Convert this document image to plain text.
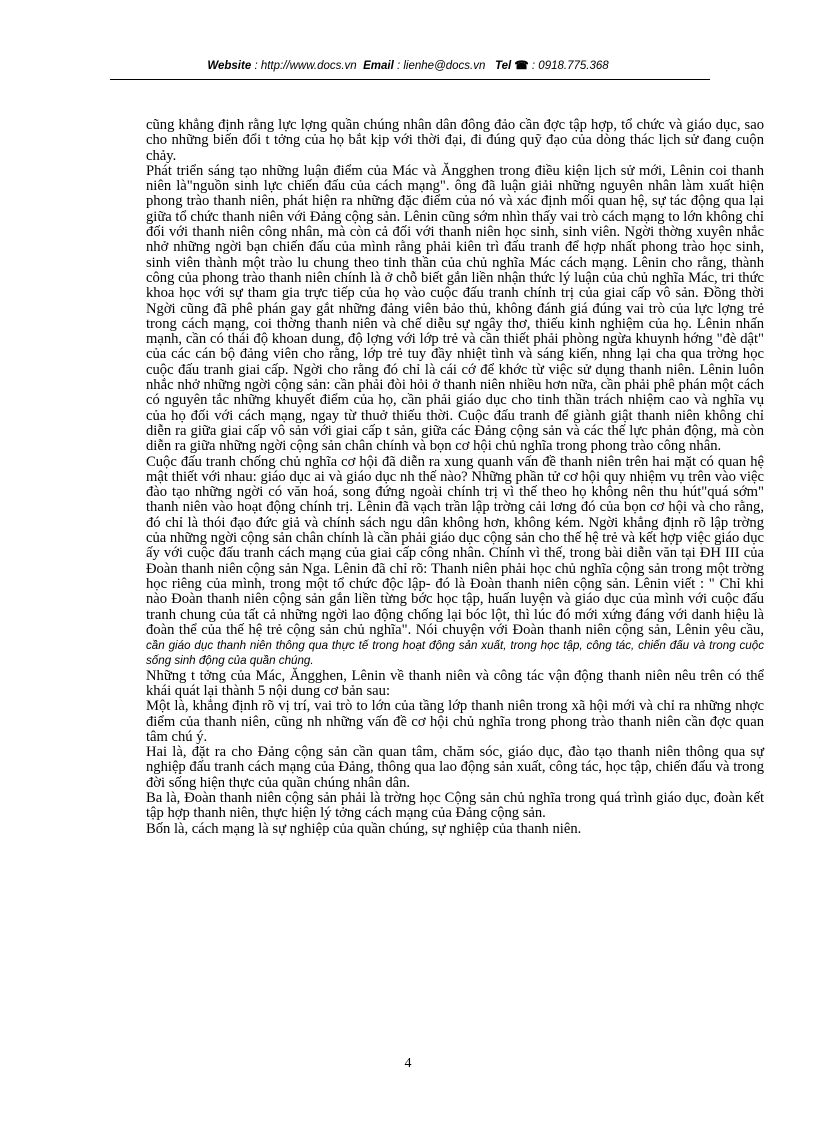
Website : http://www.docs.vn Email : lienhe@docs.vn Tel ☎ : 0918.775.368

cũng khẳng định rằng lực lợng quần chúng nhân dân đông đảo cần đợc tập hợp, tổ chức và giáo dục, sao cho những biến đổi t tởng của họ bắt kịp với thời đại, đi đúng quỹ đạo của dòng thác lịch sử đang cuộn chảy.

Phát triển sáng tạo những luận điểm của Mác và Ăngghen trong điều kiện lịch sử mới, Lênin coi thanh niên là"nguồn sinh lực chiến đấu của cách mạng". ông đã luận giải những nguyên nhân làm xuất hiện phong trào thanh niên, phát hiện ra những đặc điểm của nó và xác định mối quan hệ, sự tác động qua lại giữa tổ chức thanh niên với Đảng cộng sản. Lênin cũng sớm nhìn thấy vai trò cách mạng to lớn không chỉ đối với thanh niên công nhân, mà còn cả đối với thanh niên học sinh, sinh viên. Ngời thờng xuyên nhắc nhở những ngời bạn chiến đấu của mình rằng phải kiên trì đấu tranh để hợp nhất phong trào học sinh, sinh viên thành một trào lu chung theo tinh thần của chủ nghĩa Mác cách mạng. Lênin cho rằng, thành công của phong trào thanh niên chính là ở chỗ biết gắn liền nhận thức lý luận của chủ nghĩa Mác, tri thức khoa học với sự tham gia trực tiếp của họ vào cuộc đấu tranh chính trị của giai cấp vô sản. Đồng thời Ngời cũng đã phê phán gay gắt những đảng viên bảo thủ, không đánh giá đúng vai trò của lực lợng trẻ trong cách mạng, coi thờng thanh niên và chế diễu sự ngây thơ, thiếu kinh nghiệm của họ. Lênin nhấn mạnh, cần có thái độ khoan dung, độ lợng với lớp trẻ và cần thiết phải phòng ngừa khuynh hớng "đè dật" của các cán bộ đảng viên cho rằng, lớp trẻ tuy đầy nhiệt tình và sáng kiến, nhng lại cha qua trờng học cuộc đấu tranh giai cấp. Ngời cho rằng đó chỉ là cái cớ để khớc từ việc sử dụng thanh niên. Lênin luôn nhắc nhở những ngời cộng sản: cần phải đòi hỏi ở thanh niên nhiều hơn nữa, cần phải phê phán một cách có nguyên tắc những khuyết điểm của họ, cần phải giáo dục cho tinh thần trách nhiệm cao và nghĩa vụ của họ đối với cách mạng, ngay từ thuở thiếu thời. Cuộc đấu tranh để giành giật thanh niên không chỉ diễn ra giữa giai cấp vô sản với giai cấp t sản, giữa các Đảng cộng sản và các thế lực phản động, mà còn diễn ra giữa những ngời cộng sản chân chính và bọn cơ hội chủ nghĩa trong phong trào công nhân.

Cuộc đấu tranh chống chủ nghĩa cơ hội đã diễn ra xung quanh vấn đề thanh niên trên hai mặt có quan hệ mật thiết với nhau: giáo dục ai và giáo dục nh thế nào? Những phần tử cơ hội quy nhiệm vụ trên vào việc đào tạo những ngời có văn hoá, song đứng ngoài chính trị vì thế theo họ không nên thu hút"quá sớm" thanh niên vào hoạt động chính trị. Lênin đã vạch trần lập trờng cải lơng đó của bọn cơ hội và cho rằng, đó chỉ là thói đạo đức giả và chính sách ngu dân không hơn, không kém. Ngời khẳng định rõ lập trờng của những ngời cộng sản chân chính là cần phải giáo dục cộng sản cho thế hệ trẻ và kết hợp việc giáo dục ấy với cuộc đấu tranh cách mạng của giai cấp công nhân. Chính vì thế, trong bài diễn văn tại ĐH III của Đoàn thanh niên cộng sản Nga. Lênin đã chỉ rõ: Thanh niên phải học chủ nghĩa cộng sản trong một trờng học riêng của mình, trong một tổ chức độc lập- đó là Đoàn thanh niên cộng sản. Lênin viết : " Chỉ khi nào Đoàn thanh niên cộng sản gắn liền từng bớc học tập, huấn luyện và giáo dục của mình với cuộc đấu tranh chung của tất cả những ngời lao động chống lại bóc lột, thì lúc đó mới xứng đáng với danh hiệu là đoàn thể của thế hệ trẻ cộng sản chủ nghĩa". Nói chuyện với Đoàn thanh niên cộng sản, Lênin yêu cầu, cần giáo dục thanh niên thông qua thực tế trong hoạt động sản xuất, trong học tập, công tác, chiến đấu và trong cuộc sống sinh động của quần chúng.

Những t tởng của Mác, Ăngghen, Lênin về thanh niên và công tác vận động thanh niên nêu trên có thể khái quát lại thành 5 nội dung cơ bản sau:

Một là, khẳng định rõ vị trí, vai trò to lớn của tầng lớp thanh niên trong xã hội mới và chỉ ra những nhợc điểm của thanh niên, cũng nh những vấn đề cơ hội chủ nghĩa trong phong trào thanh niên cần đợc quan tâm chú ý.

Hai là, đặt ra cho Đảng cộng sản cần quan tâm, chăm sóc, giáo dục, đào tạo thanh niên thông qua sự nghiệp đấu tranh cách mạng của Đảng, thông qua lao động sản xuất, công tác, học tập, chiến đấu và trong đời sống hiện thực của quần chúng nhân dân.

Ba là, Đoàn thanh niên cộng sản phải là trờng học Cộng sản chủ nghĩa trong quá trình giáo dục, đoàn kết tập hợp thanh niên, thực hiện lý tởng cách mạng của Đảng cộng sản.

Bốn là, cách mạng là sự nghiệp của quần chúng, sự nghiệp của thanh niên.

4
